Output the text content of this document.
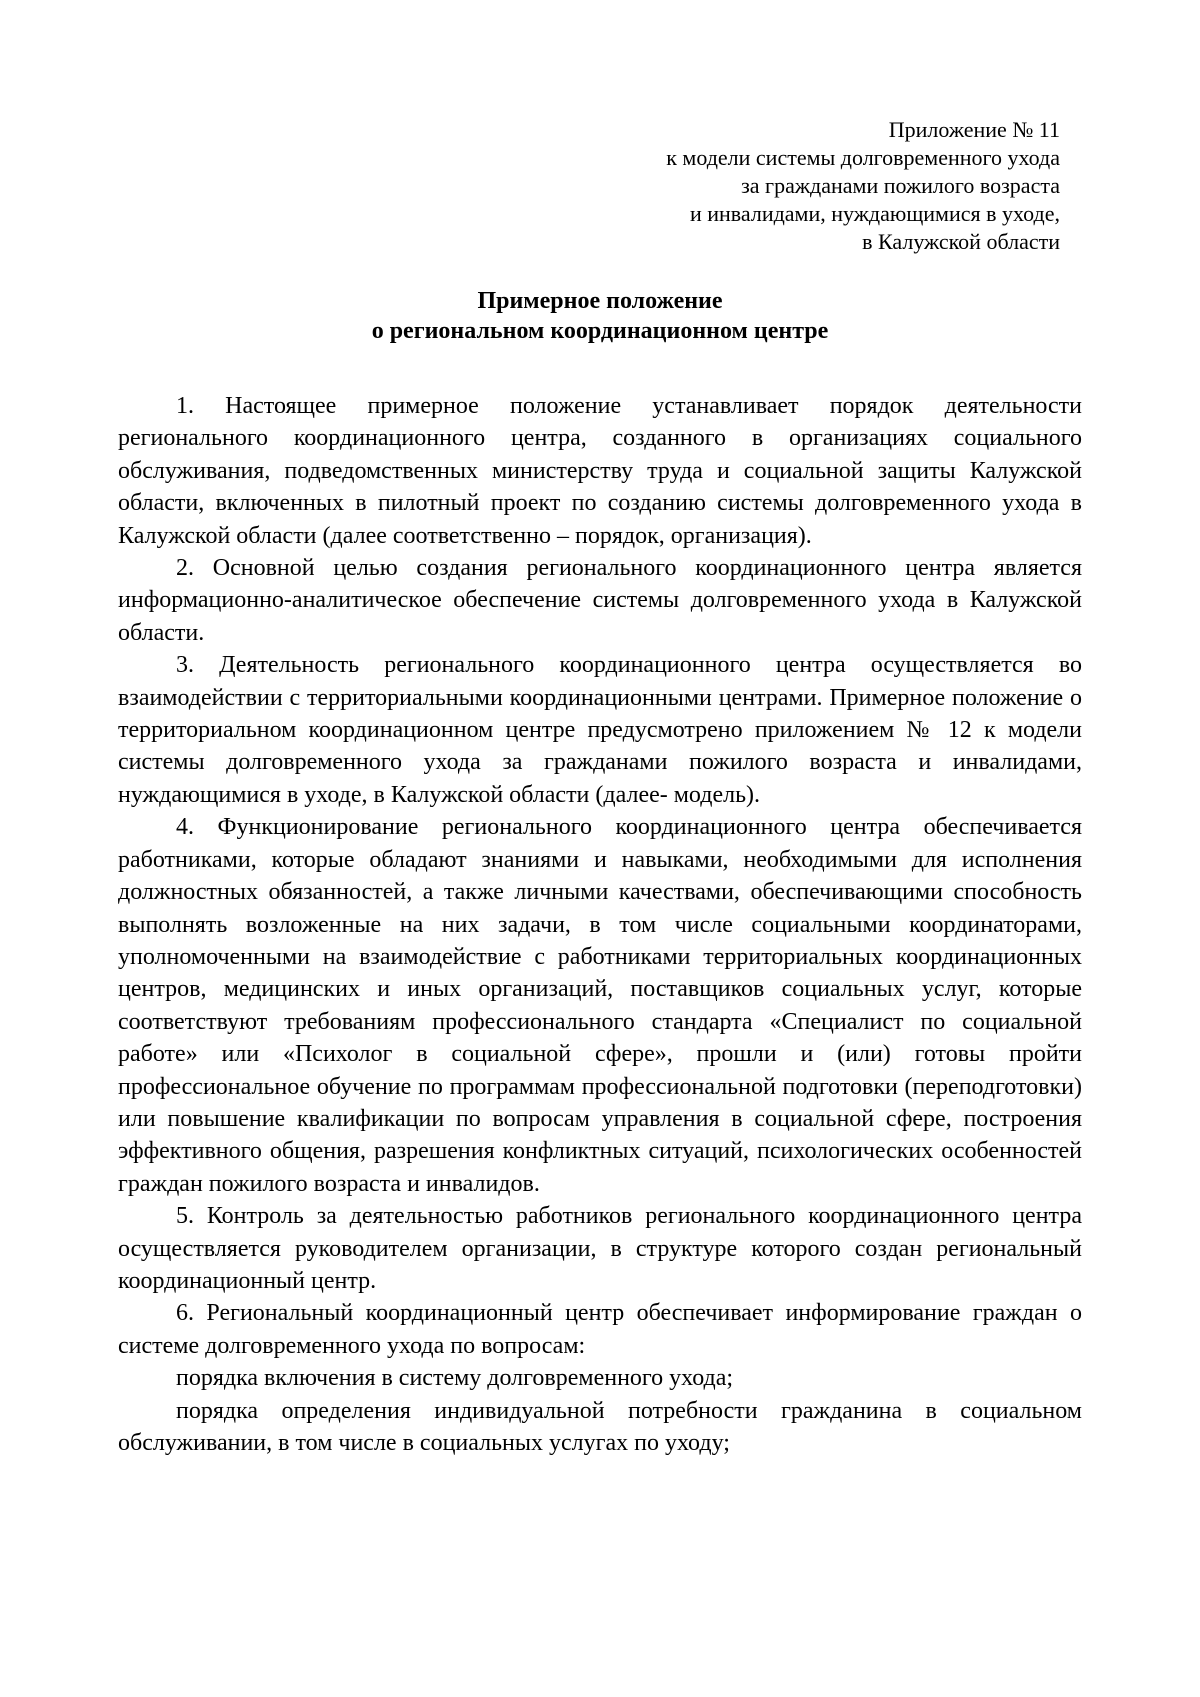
Приложение № 11
к модели системы долговременного ухода
за гражданами пожилого возраста
и инвалидами, нуждающимися в уходе,
в Калужской области
Примерное положение
о региональном координационном центре

1. Настоящее примерное положение устанавливает порядок деятельности регионального координационного центра, созданного в организациях социального обслуживания, подведомственных министерству труда и социальной защиты Калужской области, включенных в пилотный проект по созданию системы долговременного ухода в Калужской области (далее соответственно – порядок, организация).

2. Основной целью создания регионального координационного центра является информационно-аналитическое обеспечение системы долговременного ухода в Калужской области.

3. Деятельность регионального координационного центра осуществляется во взаимодействии с территориальными координационными центрами. Примерное положение о территориальном координационном центре предусмотрено приложением № 12 к модели системы долговременного ухода за гражданами пожилого возраста и инвалидами, нуждающимися в уходе, в Калужской области (далее- модель).

4. Функционирование регионального координационного центра обеспечивается работниками, которые обладают знаниями и навыками, необходимыми для исполнения должностных обязанностей, а также личными качествами, обеспечивающими способность выполнять возложенные на них задачи, в том числе социальными координаторами, уполномоченными на взаимодействие с работниками территориальных координационных центров, медицинских и иных организаций, поставщиков социальных услуг, которые соответствуют требованиям профессионального стандарта «Специалист по социальной работе» или «Психолог в социальной сфере», прошли и (или) готовы пройти профессиональное обучение по программам профессиональной подготовки (переподготовки) или повышение квалификации по вопросам управления в социальной сфере, построения эффективного общения, разрешения конфликтных ситуаций, психологических особенностей граждан пожилого возраста и инвалидов.

5. Контроль за деятельностью работников регионального координационного центра осуществляется руководителем организации, в структуре которого создан региональный координационный центр.

6. Региональный координационный центр обеспечивает информирование граждан о системе долговременного ухода по вопросам:

порядка включения в систему долговременного ухода;

порядка определения индивидуальной потребности гражданина в социальном обслуживании, в том числе в социальных услугах по уходу;
